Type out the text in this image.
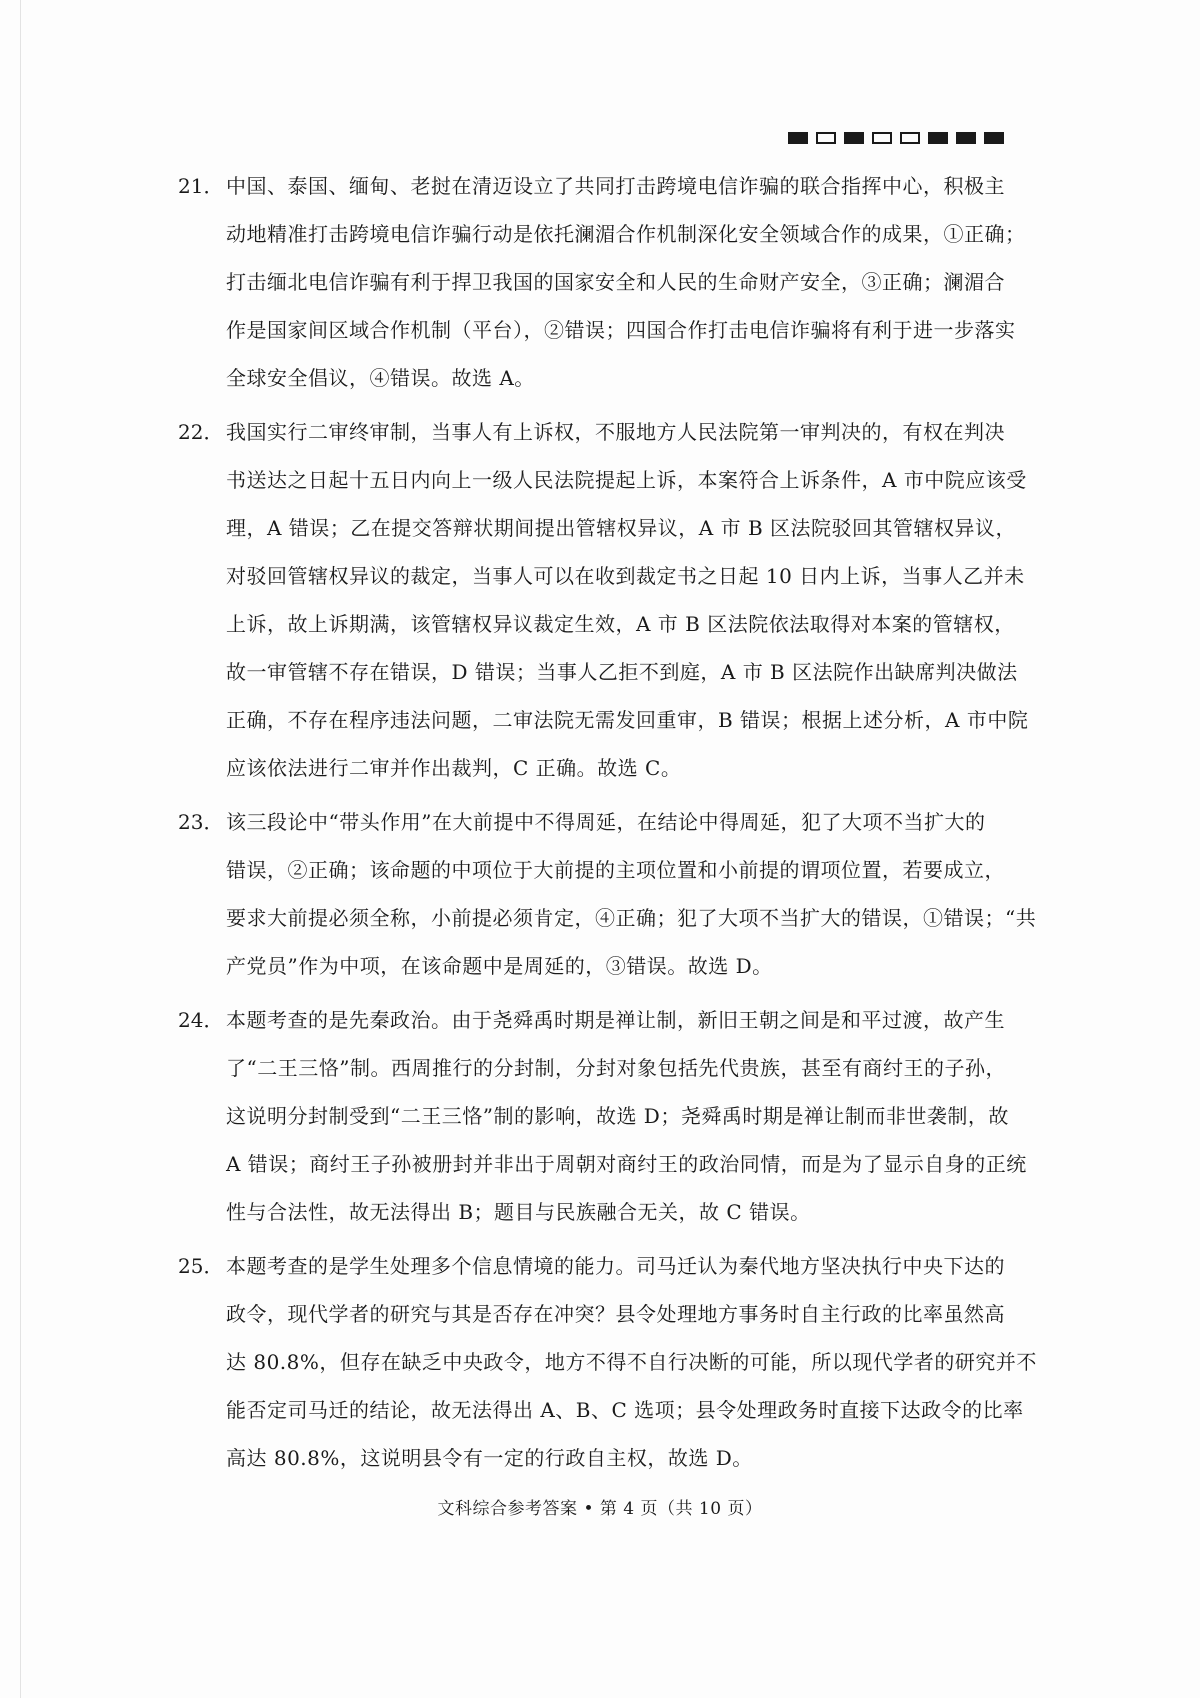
21． 中国、泰国、缅甸、老挝在清迈设立了共同打击跨境电信诈骗的联合指挥中心，积极主
动地精准打击跨境电信诈骗行动是依托澜湄合作机制深化安全领域合作的成果，①正确；
打击缅北电信诈骗有利于捍卫我国的国家安全和人民的生命财产安全，③正确；澜湄合
作是国家间区域合作机制（平台），②错误；四国合作打击电信诈骗将有利于进一步落实
全球安全倡议，④错误。故选 A。
22． 我国实行二审终审制，当事人有上诉权，不服地方人民法院第一审判决的，有权在判决
书送达之日起十五日内向上一级人民法院提起上诉，本案符合上诉条件，A 市中院应该受
理，A 错误；乙在提交答辩状期间提出管辖权异议，A 市 B 区法院驳回其管辖权异议，
对驳回管辖权异议的裁定，当事人可以在收到裁定书之日起 10 日内上诉，当事人乙并未
上诉，故上诉期满，该管辖权异议裁定生效，A 市 B 区法院依法取得对本案的管辖权，
故一审管辖不存在错误，D 错误；当事人乙拒不到庭，A 市 B 区法院作出缺席判决做法
正确，不存在程序违法问题，二审法院无需发回重审，B 错误；根据上述分析，A 市中院
应该依法进行二审并作出裁判，C 正确。故选 C。
23． 该三段论中“带头作用”在大前提中不得周延，在结论中得周延，犯了大项不当扩大的
错误，②正确；该命题的中项位于大前提的主项位置和小前提的谓项位置，若要成立，
要求大前提必须全称，小前提必须肯定，④正确；犯了大项不当扩大的错误，①错误；“共
产党员”作为中项，在该命题中是周延的，③错误。故选 D。
24． 本题考查的是先秦政治。由于尧舜禹时期是禅让制，新旧王朝之间是和平过渡，故产生
了“二王三恪”制。西周推行的分封制，分封对象包括先代贵族，甚至有商纣王的子孙，
这说明分封制受到“二王三恪”制的影响，故选 D；尧舜禹时期是禅让制而非世袭制，故
A 错误；商纣王子孙被册封并非出于周朝对商纣王的政治同情，而是为了显示自身的正统
性与合法性，故无法得出 B；题目与民族融合无关，故 C 错误。
25． 本题考查的是学生处理多个信息情境的能力。司马迁认为秦代地方坚决执行中央下达的
政令，现代学者的研究与其是否存在冲突？县令处理地方事务时自主行政的比率虽然高
达 80.8%，但存在缺乏中央政令，地方不得不自行决断的可能，所以现代学者的研究并不
能否定司马迁的结论，故无法得出 A、B、C 选项；县令处理政务时直接下达政令的比率
高达 80.8%，这说明县令有一定的行政自主权，故选 D。
文科综合参考答案 • 第 4 页（共 10 页）
